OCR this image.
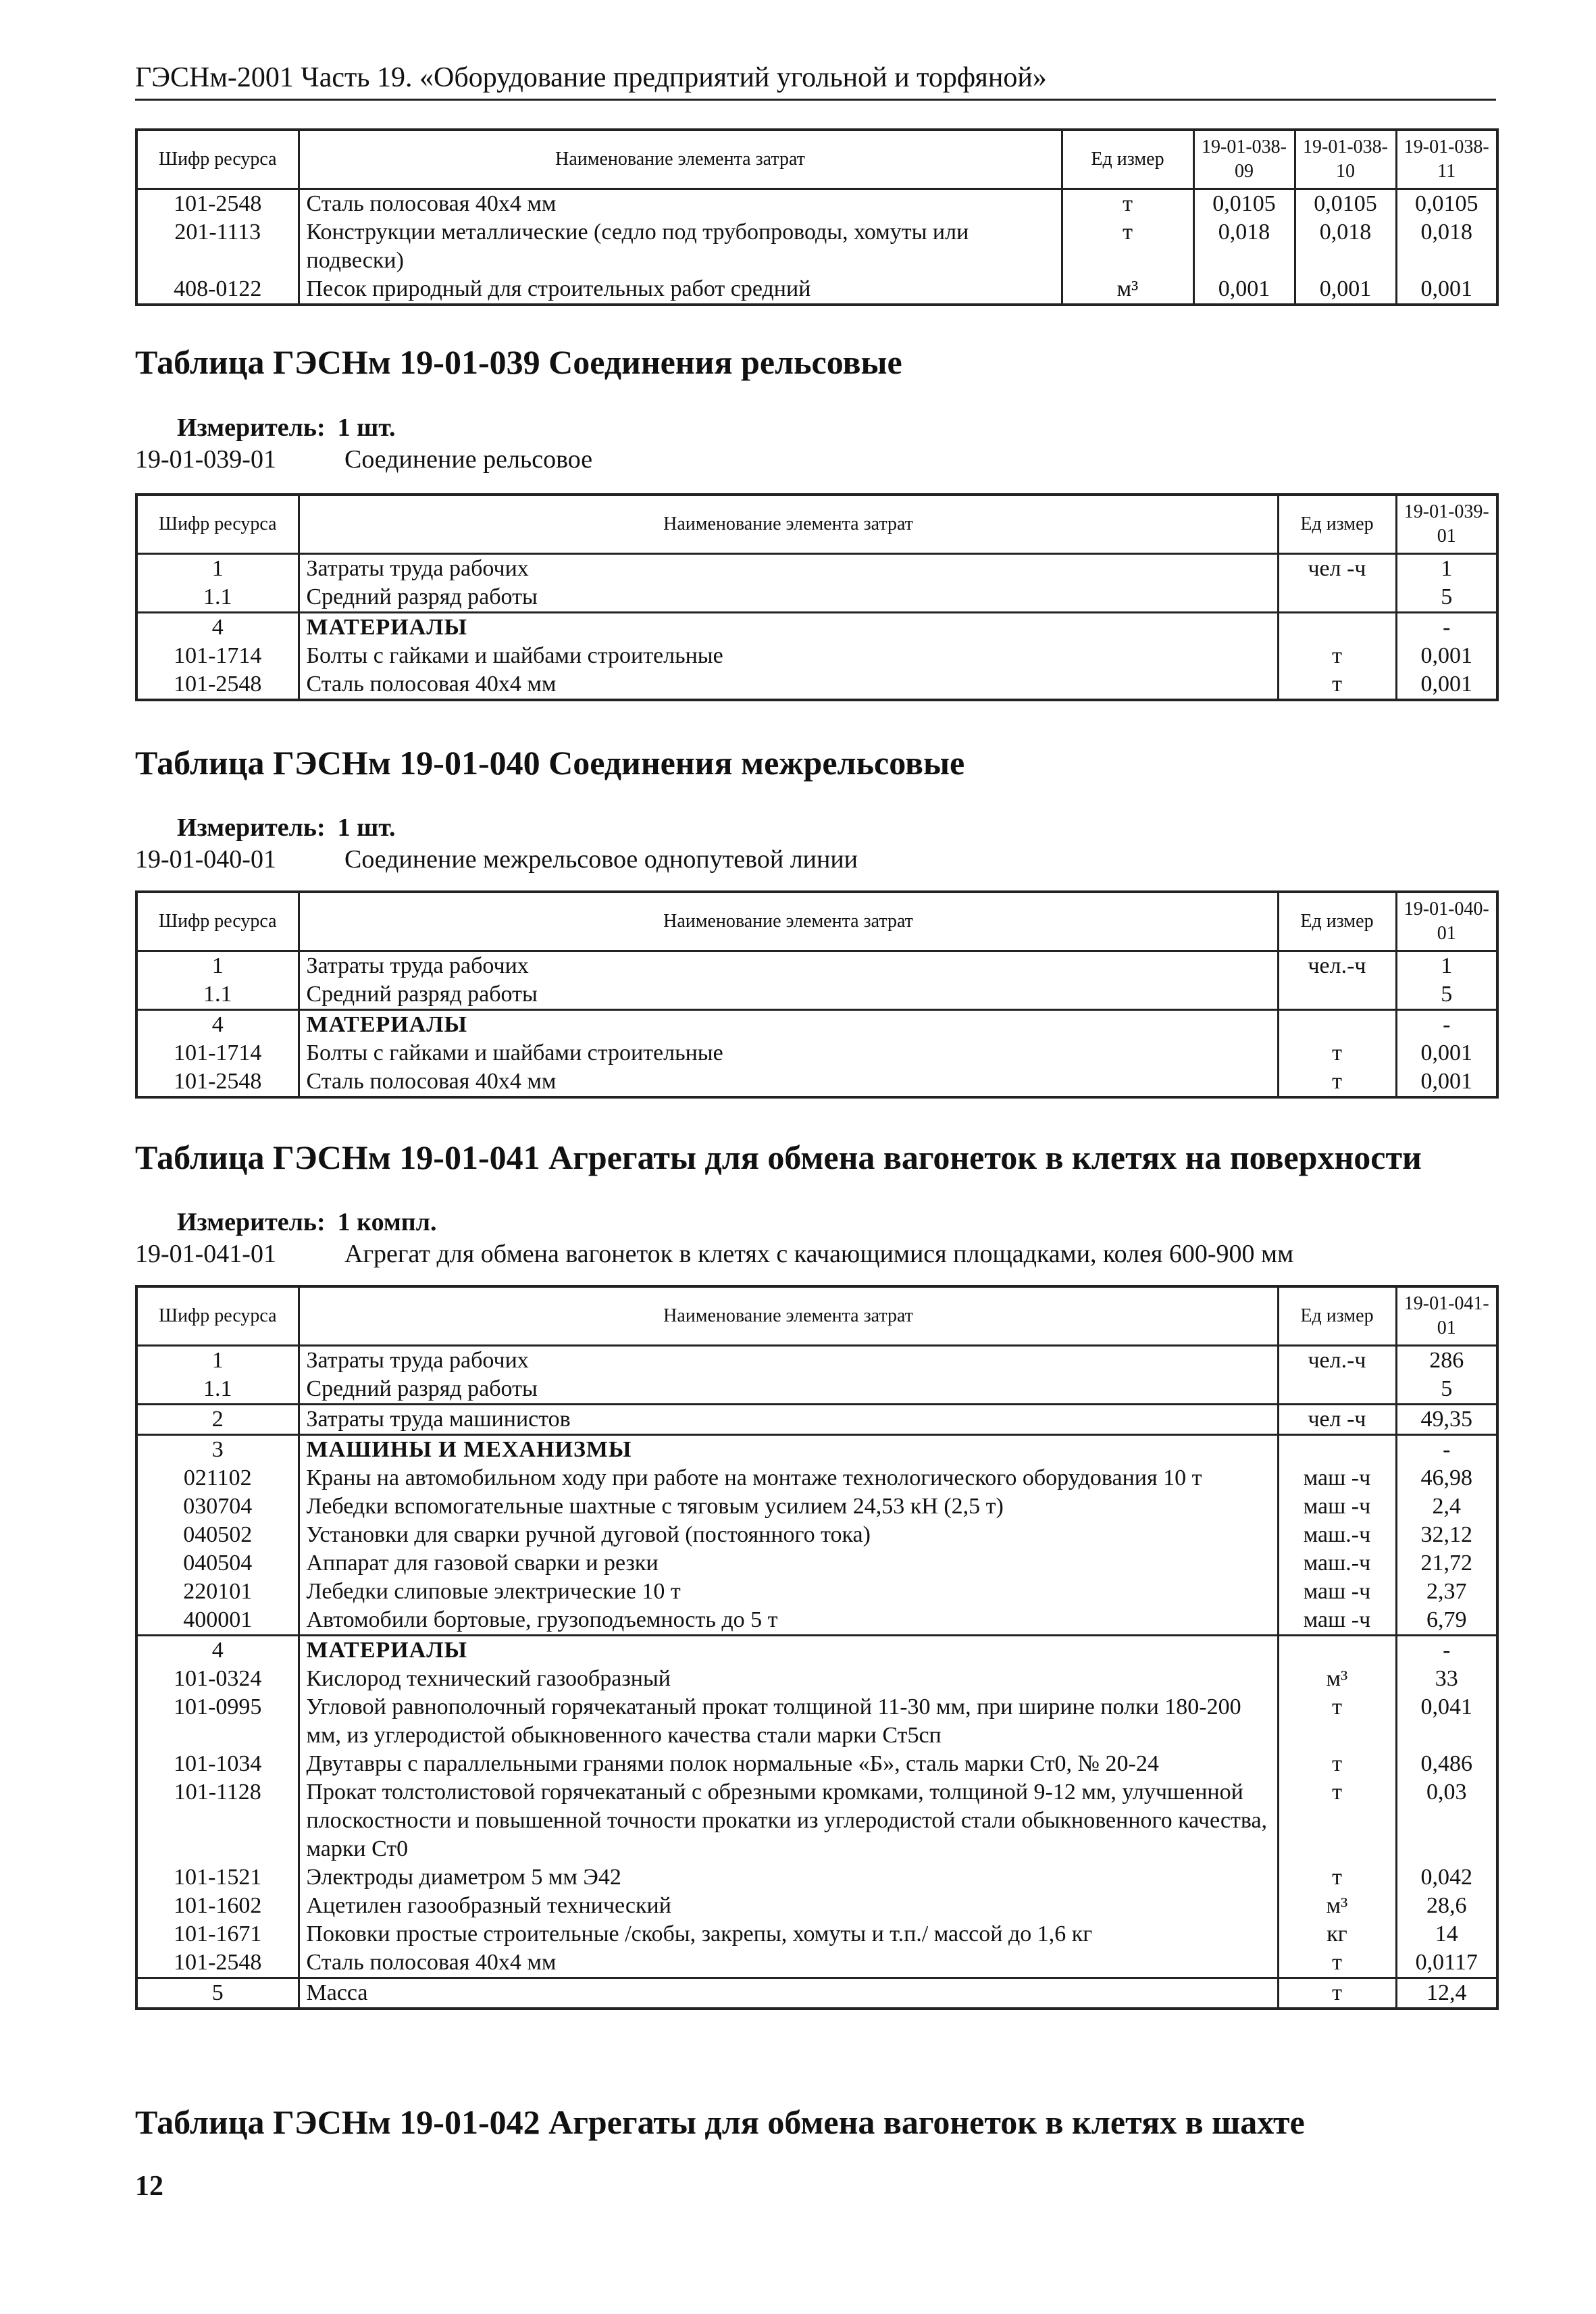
ГЭСНм-2001 Часть 19. «Оборудование предприятий угольной и торфяной»
Шифр ресурса	Наименование элемента затрат	Ед измер	19-01-038-09	19-01-038-10	19-01-038-11
101-2548	Сталь полосовая 40х4 мм	т	0,0105	0,0105	0,0105
201-1113	Конструкции металлические (седло под трубопроводы, хомуты или подвески)	т	0,018	0,018	0,018
408-0122	Песок природный для строительных работ средний	м³	0,001	0,001	0,001
Таблица ГЭСНм 19-01-039 Соединения рельсовые
Измеритель: 1 шт.
19-01-039-01	Соединение рельсовое
Шифр ресурса	Наименование элемента затрат	Ед измер	19-01-039-01
1	Затраты труда рабочих	чел -ч	1
1.1	Средний разряд работы		5
4	МАТЕРИАЛЫ		-
101-1714	Болты с гайками и шайбами строительные	т	0,001
101-2548	Сталь полосовая 40х4 мм	т	0,001
Таблица ГЭСНм 19-01-040 Соединения межрельсовые
Измеритель: 1 шт.
19-01-040-01	Соединение межрельсовое однопутевой линии
Шифр ресурса	Наименование элемента затрат	Ед измер	19-01-040-01
1	Затраты труда рабочих	чел.-ч	1
1.1	Средний разряд работы		5
4	МАТЕРИАЛЫ		-
101-1714	Болты с гайками и шайбами строительные	т	0,001
101-2548	Сталь полосовая 40х4 мм	т	0,001
Таблица ГЭСНм 19-01-041 Агрегаты для обмена вагонеток в клетях на поверхности
Измеритель: 1 компл.
19-01-041-01	Агрегат для обмена вагонеток в клетях с качающимися площадками, колея 600-900 мм
Шифр ресурса	Наименование элемента затрат	Ед измер	19-01-041-01
1	Затраты труда рабочих	чел.-ч	286
1.1	Средний разряд работы		5
2	Затраты труда машинистов	чел -ч	49,35
3	МАШИНЫ И МЕХАНИЗМЫ		-
021102	Краны на автомобильном ходу при работе на монтаже технологического оборудования 10 т	маш -ч	46,98
030704	Лебедки вспомогательные шахтные с тяговым усилием 24,53 кН (2,5 т)	маш -ч	2,4
040502	Установки для сварки ручной дуговой (постоянного тока)	маш.-ч	32,12
040504	Аппарат для газовой сварки и резки	маш.-ч	21,72
220101	Лебедки слиповые электрические 10 т	маш -ч	2,37
400001	Автомобили бортовые, грузоподъемность до 5 т	маш -ч	6,79
4	МАТЕРИАЛЫ		-
101-0324	Кислород технический газообразный	м³	33
101-0995	Угловой равнополочный горячекатаный прокат толщиной 11-30 мм, при ширине полки 180-200 мм, из углеродистой обыкновенного качества стали марки Ст5сп	т	0,041
101-1034	Двутавры с параллельными гранями полок нормальные «Б», сталь марки Ст0, № 20-24	т	0,486
101-1128	Прокат толстолистовой горячекатаный с обрезными кромками, толщиной 9-12 мм, улучшенной плоскостности и повышенной точности прокатки из углеродистой стали обыкновенного качества, марки Ст0	т	0,03
101-1521	Электроды диаметром 5 мм Э42	т	0,042
101-1602	Ацетилен газообразный технический	м³	28,6
101-1671	Поковки простые строительные /скобы, закрепы, хомуты и т.п./ массой до 1,6 кг	кг	14
101-2548	Сталь полосовая 40х4 мм	т	0,0117
5	Масса	т	12,4
Таблица ГЭСНм 19-01-042 Агрегаты для обмена вагонеток в клетях в шахте
12
